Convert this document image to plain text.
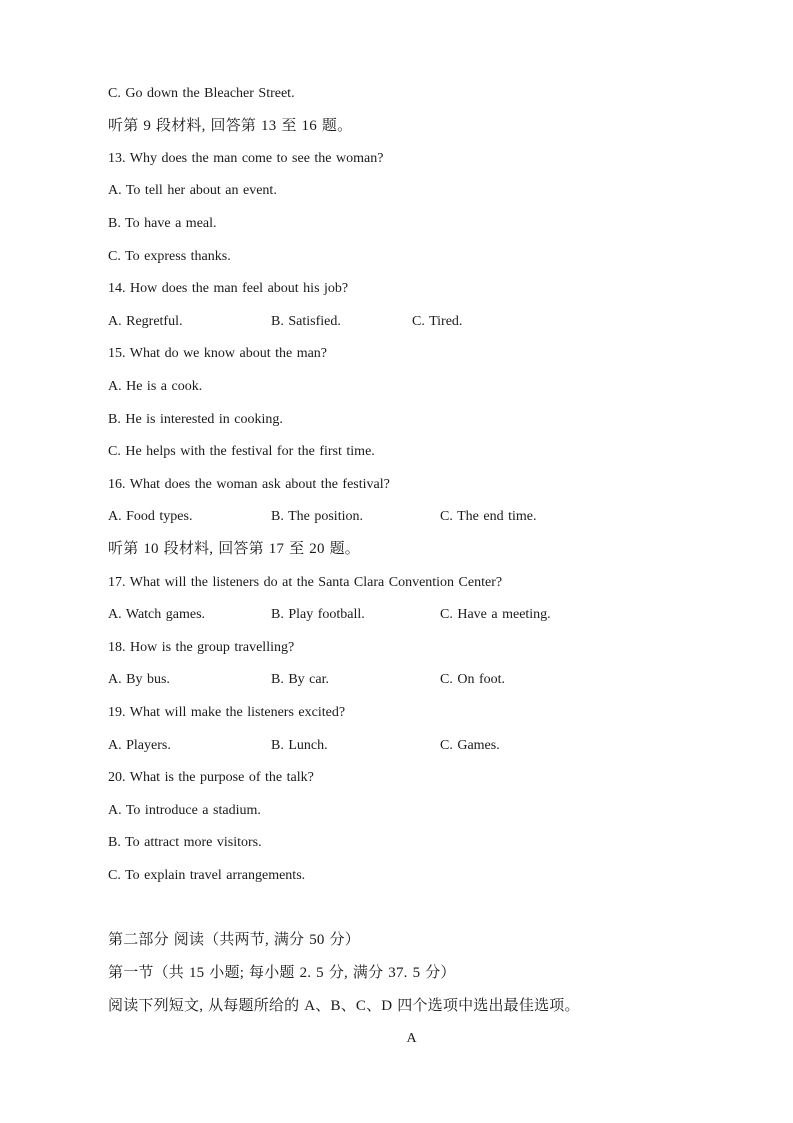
C. Go down the Bleacher Street.
听第 9 段材料, 回答第 13 至 16 题。
13. Why does the man come to see the woman?
A. To tell her about an event.
B. To have a meal.
C. To express thanks.
14. How does the man feel about his job?
A. Regretful.	B. Satisfied.	C. Tired.
15. What do we know about the man?
A. He is a cook.
B. He is interested in cooking.
C. He helps with the festival for the first time.
16. What does the woman ask about the festival?
A. Food types.	B. The position.	C. The end time.
听第 10 段材料, 回答第 17 至 20 题。
17. What will the listeners do at the Santa Clara Convention Center?
A. Watch games.	B. Play football.	C. Have a meeting.
18. How is the group travelling?
A. By bus.	B. By car.	C. On foot.
19. What will make the listeners excited?
A. Players.	B. Lunch.	C. Games.
20. What is the purpose of the talk?
A. To introduce a stadium.
B. To attract more visitors.
C. To explain travel arrangements.
第二部分 阅读（共两节, 满分 50 分）
第一节（共 15 小题; 每小题 2. 5 分, 满分 37. 5 分）
阅读下列短文, 从每题所给的 A、B、C、D 四个选项中选出最佳选项。
A
